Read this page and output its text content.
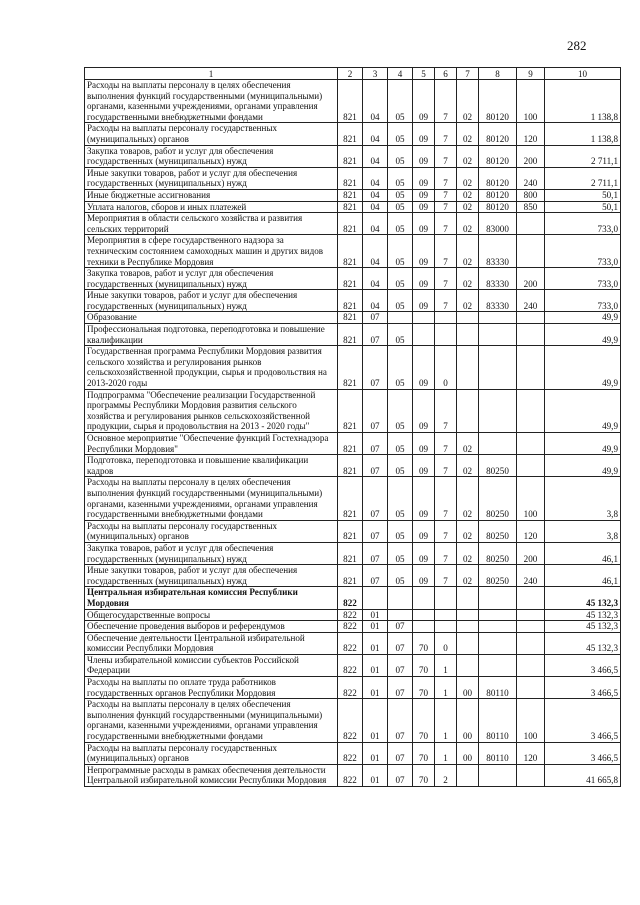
282
1	2	3	4	5	6	7	8	9	10
Расходы на выплаты персоналу в целях обеспечения выполнения функций государственными (муниципальными) органами, казенными учреждениями, органами управления государственными внебюджетными фондами	821	04	05	09	7	02	80120	100	1 138,8
Расходы на выплаты персоналу государственных (муниципальных) органов	821	04	05	09	7	02	80120	120	1 138,8
Закупка товаров, работ и услуг для обеспечения государственных (муниципальных) нужд	821	04	05	09	7	02	80120	200	2 711,1
Иные закупки товаров, работ и услуг для обеспечения государственных (муниципальных) нужд	821	04	05	09	7	02	80120	240	2 711,1
Иные бюджетные ассигнования	821	04	05	09	7	02	80120	800	50,1
Уплата налогов, сборов и иных платежей	821	04	05	09	7	02	80120	850	50,1
Мероприятия в области сельского хозяйства и развития сельских территорий	821	04	05	09	7	02	83000		733,0
Мероприятия в сфере государственного надзора за техническим состоянием самоходных машин и других видов техники в Республике Мордовия	821	04	05	09	7	02	83330		733,0
Закупка товаров, работ и услуг для обеспечения государственных (муниципальных) нужд	821	04	05	09	7	02	83330	200	733,0
Иные закупки товаров, работ и услуг для обеспечения государственных (муниципальных) нужд	821	04	05	09	7	02	83330	240	733,0
Образование	821	07							49,9
Профессиональная подготовка, переподготовка и повышение квалификации	821	07	05						49,9
Государственная программа Республики Мордовия развития сельского хозяйства и регулирования рынков сельскохозяйственной продукции, сырья и продовольствия на 2013-2020 годы	821	07	05	09	0				49,9
Подпрограмма "Обеспечение реализации Государственной программы Республики Мордовия развития сельского хозяйства и регулирования рынков сельскохозяйственной продукции, сырья и продовольствия на 2013 - 2020 годы"	821	07	05	09	7				49,9
Основное мероприятие "Обеспечение функций Гостехнадзора Республики Мордовия"	821	07	05	09	7	02			49,9
Подготовка, переподготовка и повышение квалификации кадров	821	07	05	09	7	02	80250		49,9
Расходы на выплаты персоналу в целях обеспечения выполнения функций государственными (муниципальными) органами, казенными учреждениями, органами управления государственными внебюджетными фондами	821	07	05	09	7	02	80250	100	3,8
Расходы на выплаты персоналу государственных (муниципальных) органов	821	07	05	09	7	02	80250	120	3,8
Закупка товаров, работ и услуг для обеспечения государственных (муниципальных) нужд	821	07	05	09	7	02	80250	200	46,1
Иные закупки товаров, работ и услуг для обеспечения государственных (муниципальных) нужд	821	07	05	09	7	02	80250	240	46,1
Центральная избирательная комиссия Республики Мордовия	822								45 132,3
Общегосударственные вопросы	822	01							45 132,3
Обеспечение проведения выборов и референдумов	822	01	07						45 132,3
Обеспечение деятельности Центральной избирательной комиссии Республики Мордовия	822	01	07	70	0				45 132,3
Члены избирательной комиссии субъектов Российской Федерации	822	01	07	70	1				3 466,5
Расходы на выплаты по оплате труда работников государственных органов Республики Мордовия	822	01	07	70	1	00	80110		3 466,5
Расходы на выплаты персоналу в целях обеспечения выполнения функций государственными (муниципальными) органами, казенными учреждениями, органами управления государственными внебюджетными фондами	822	01	07	70	1	00	80110	100	3 466,5
Расходы на выплаты персоналу государственных (муниципальных) органов	822	01	07	70	1	00	80110	120	3 466,5
Непрограммные расходы в рамках обеспечения деятельности Центральной избирательной комиссии Республики Мордовия	822	01	07	70	2				41 665,8
